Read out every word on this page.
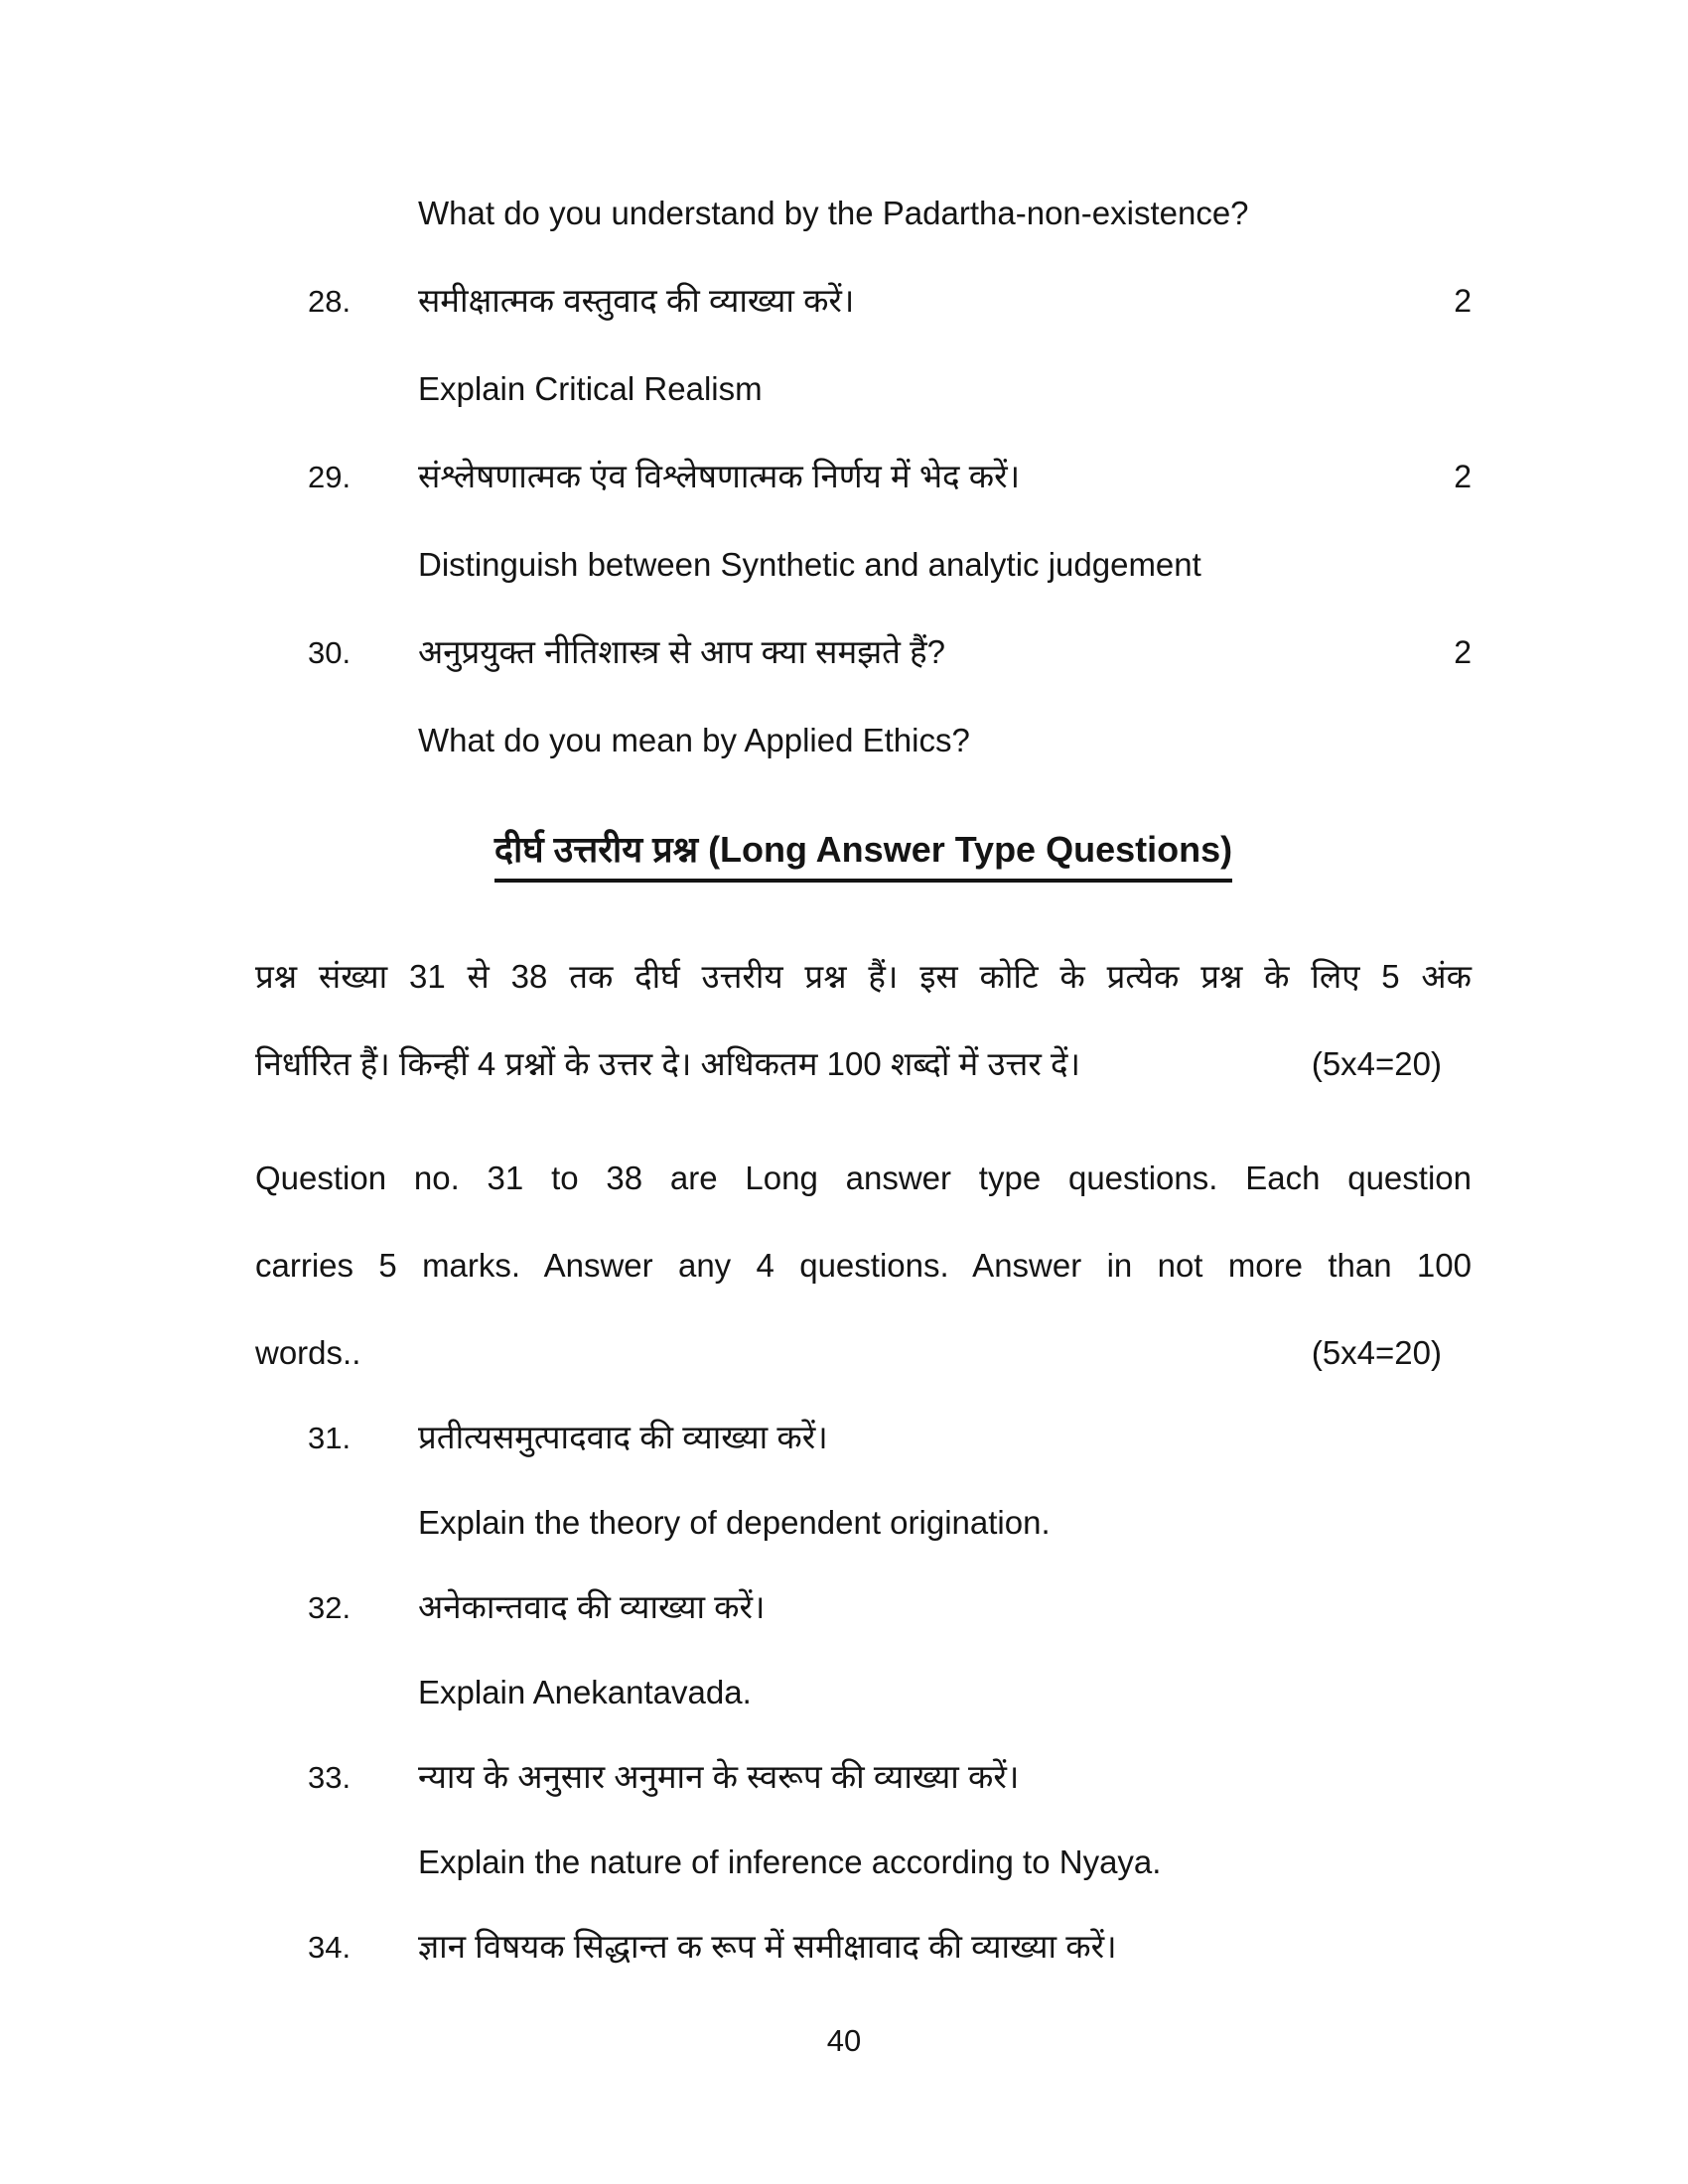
What do you understand by the Padartha-non-existence?
28.	समीक्षात्मक वस्तुवाद की व्याख्या करें।	2
Explain Critical Realism
29.	संश्लेषणात्मक एंव विश्लेषणात्मक निर्णय में भेद करें।	2
Distinguish between Synthetic and analytic judgement
30.	अनुप्रयुक्त नीतिशास्त्र से आप क्या समझते हैं?	2
What do you mean by Applied Ethics?
दीर्घ उत्तरीय प्रश्न (Long Answer Type Questions)
प्रश्न संख्या 31 से 38 तक दीर्घ उत्तरीय प्रश्न हैं। इस कोटि के प्रत्येक प्रश्न के लिए 5 अंक
निर्धारित हैं। किन्हीं 4 प्रश्नों के उत्तर दे। अधिकतम 100 शब्दों में उत्तर दें।	(5x4=20)
Question no. 31 to 38 are Long answer type questions. Each question
carries 5 marks. Answer any 4 questions. Answer in not more than 100
words..	(5x4=20)
31.	प्रतीत्यसमुत्पादवाद की व्याख्या करें।
Explain the theory of dependent origination.
32.	अनेकान्तवाद की व्याख्या करें।
Explain Anekantavada.
33.	न्याय के अनुसार अनुमान के स्वरूप की व्याख्या करें।
Explain the nature of inference according to Nyaya.
34.	ज्ञान विषयक सिद्धान्त क रूप में समीक्षावाद की व्याख्या करें।
40
